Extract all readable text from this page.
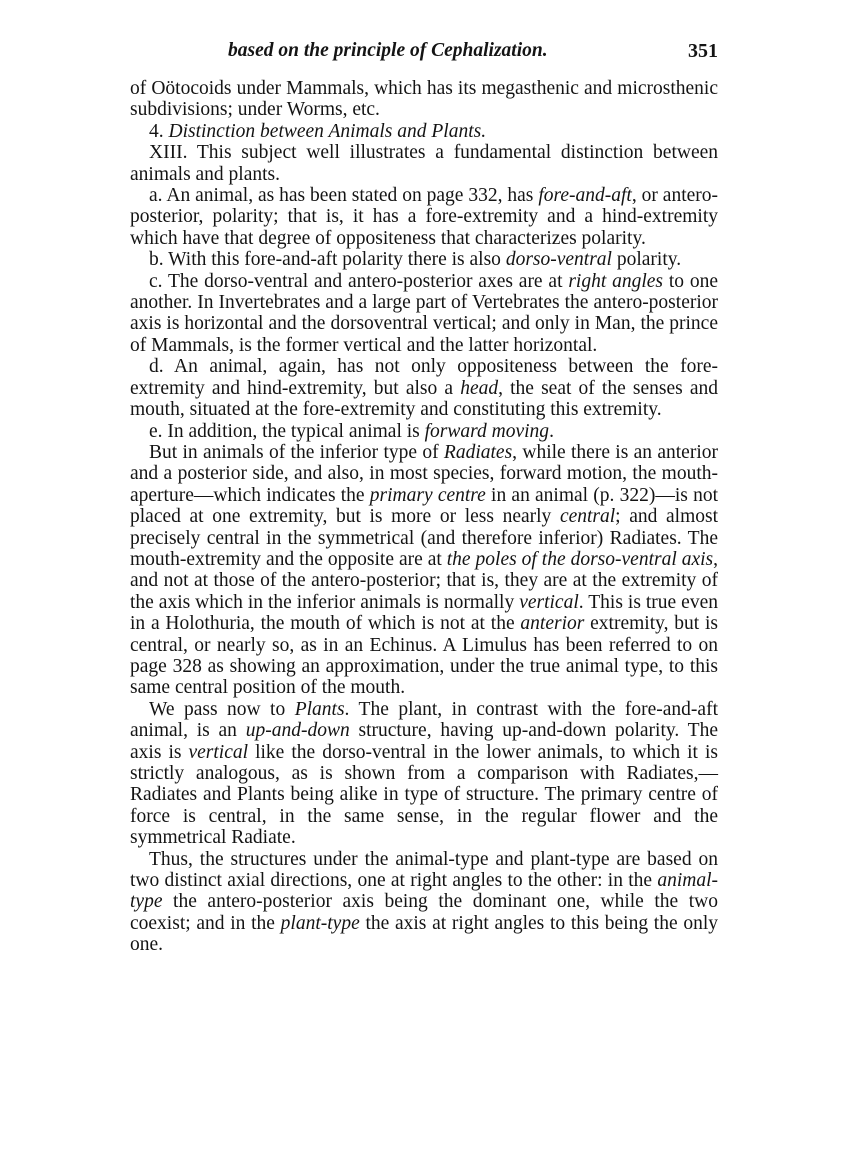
based on the principle of Cephalization.	351

of Oötocoids under Mammals, which has its megasthenic and microsthenic subdivisions; under Worms, etc.

4. Distinction between Animals and Plants.

XIII. This subject well illustrates a fundamental distinction between animals and plants.

a. An animal, as has been stated on page 332, has fore-and-aft, or antero-posterior, polarity; that is, it has a fore-extremity and a hind-extremity which have that degree of oppositeness that characterizes polarity.

b. With this fore-and-aft polarity there is also dorso-ventral polarity.

c. The dorso-ventral and antero-posterior axes are at right angles to one another. In Invertebrates and a large part of Vertebrates the antero-posterior axis is horizontal and the dorsoventral vertical; and only in Man, the prince of Mammals, is the former vertical and the latter horizontal.

d. An animal, again, has not only oppositeness between the fore-extremity and hind-extremity, but also a head, the seat of the senses and mouth, situated at the fore-extremity and constituting this extremity.

e. In addition, the typical animal is forward moving.

But in animals of the inferior type of Radiates, while there is an anterior and a posterior side, and also, in most species, forward motion, the mouth-aperture—which indicates the primary centre in an animal (p. 322)—is not placed at one extremity, but is more or less nearly central; and almost precisely central in the symmetrical (and therefore inferior) Radiates. The mouth-extremity and the opposite are at the poles of the dorso-ventral axis, and not at those of the antero-posterior; that is, they are at the extremity of the axis which in the inferior animals is normally vertical. This is true even in a Holothuria, the mouth of which is not at the anterior extremity, but is central, or nearly so, as in an Echinus. A Limulus has been referred to on page 328 as showing an approximation, under the true animal type, to this same central position of the mouth.

We pass now to Plants. The plant, in contrast with the fore-and-aft animal, is an up-and-down structure, having up-and-down polarity. The axis is vertical like the dorso-ventral in the lower animals, to which it is strictly analogous, as is shown from a comparison with Radiates,—Radiates and Plants being alike in type of structure. The primary centre of force is central, in the same sense, in the regular flower and the symmetrical Radiate.

Thus, the structures under the animal-type and plant-type are based on two distinct axial directions, one at right angles to the other: in the animal-type the antero-posterior axis being the dominant one, while the two coexist; and in the plant-type the axis at right angles to this being the only one.
